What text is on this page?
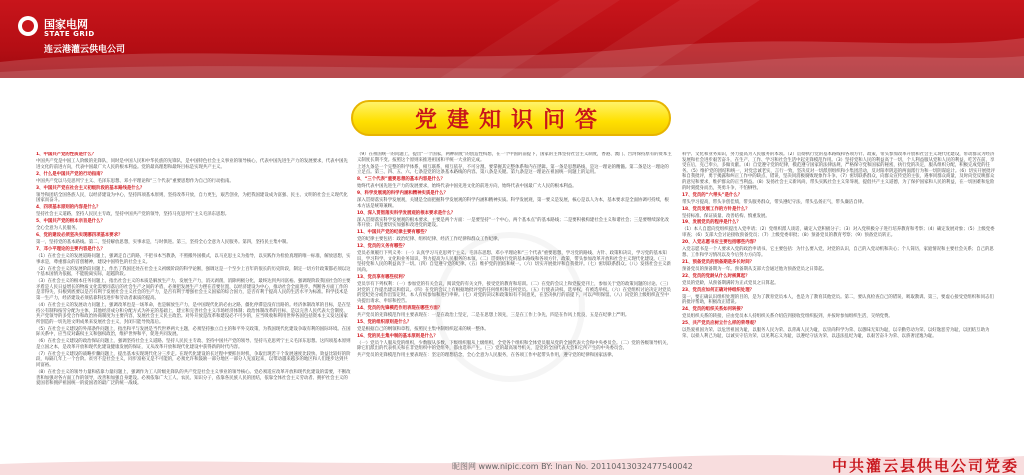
国家电网
STATE GRID
连云港灌云供电公司
党建知识问答

1、中国共产党的性质是什么？

中国共产党是中国工人阶级的先锋队，同时是中国人民和中华民族的先锋队，是中国特色社会主义事业的领导核心，代表中国先进生产力的发展要求，代表中国先进文化的前进方向，代表中国最广大人民的根本利益。党的最高理想和最终目标是实现共产主义。

2、什么是中国共产党的行动指南？

中国共产党以马克思列宁主义、毛泽东思想、邓小平理论和“三个代表”重要思想作为自己的行动指南。

3、中国共产党在社会主义初级阶段的基本路线是什么？

领导和团结全国各族人民，以经济建设为中心，坚持四项基本原则，坚持改革开放，自力更生，艰苦创业，为把我国建设成为富强、民主、文明的社会主义现代化国家而奋斗。

4、四项基本原则的内容是什么？

坚持社会主义道路，坚持人民民主专政，坚持中国共产党的领导，坚持马克思列宁主义毛泽东思想。

5、中国共产党的根本宗旨是什么？

全心全意为人民服务。

6、党的建设必须坚决实现哪四项基本要求？

第一，坚持党的基本路线。第二，坚持解放思想，实事求是，与时俱进。第三，坚持全心全意为人民服务。第四，坚持民主集中制。

7、邓小平理论的主要内容是什么？

（1）在社会主义的发展道路问题上，强调走自己的路，不把书本当教条，不照搬外国模式，以马克思主义为指导，以实践作为检验真理的唯一标准，解放思想，实事求是，尊重群众的首创精神，建设中国特色的社会主义。

（2）在社会主义的发展阶段问题上，作出了我国还处在社会主义初级阶段的科学论断，强调这是一个至少上百年的很长的历史阶段，制定一切方针政策都必须以这个基本国情为依据，不能脱离实际，超越阶段。

（3）在社会主义的根本任务问题上，指出社会主义的本质是解放生产力，发展生产力，消灭剥削，消除两极分化，最终达到共同富裕。强调现阶段我国社会的主要矛盾是人民日益增长的物质文化需要同落后的社会生产之间的矛盾，必须把发展生产力摆在首要位置，以经济建设为中心，推动社会全面进步。判断各方面工作的是非得失，归根到底要以是否有利于发展社会主义社会的生产力，是否有利于增强社会主义国家的综合国力，是否有利于提高人民的生活水平为标准。科学技术是第一生产力，经济建设必须依靠科技进步和劳动者素质的提高。

（4）在社会主义的发展动力问题上，强调改革也是一场革命，也是解放生产力，是中国现代化的必由之路，僵化停滞是没有出路的。经济体制改革的目标，是在坚持公有制和按劳分配为主体，其他经济成分和分配方式为补充的基础上，建立和完善社会主义市场经济体制；政治体制改革的目标，是以完善人民代表大会制度、共产党领导的多党合作和政治协商制度为主要内容，发展社会主义民主政治。对外开放是改革和建设必不可少的，应当吸收和利用世界各国包括资本主义发达国家所创造的一切先进文明成果来发展社会主义，封闭只能导致落后。

（5）在社会主义建设的外部条件问题上，指出和平与发展是当代世界两大主题，必须坚持独立自主的和平外交政策，为我国现代化建设争取有利的国际环境。在国际关系中，应当反对霸权主义和强权政治，维护世界和平，促进共同发展。

（6）在社会主义建设的政治保证问题上，强调坚持社会主义道路、坚持人民民主专政、坚持中国共产党的领导、坚持马克思列宁主义毛泽东思想。这四项基本原则是立国之本，是改革开放和现代化建设健康发展的保证，又从改革开放和现代化建设中获得新的时代内容。

（7）在社会主义建设的战略步骤问题上，提出基本实现现代化分三步走。在现代化建设的长过程中要抓住时机，争取出现若干个发展速度比较快、效益比较好的阶段，每隔几年上一个台阶。贫穷不是社会主义，同步富裕又是不可能的，必须允许和鼓励一部分地区一部分人先富起来，以带动越来越多的地区和人们逐步达到共同富裕。

（8）在社会主义的领导力量和依靠力量问题上，强调作为工人阶级先锋队的共产党是社会主义事业的领导核心。党必须适应改革开放和现代化建设的需要，不断改善和加强对各方面工作的领导，改善和加强自身建设。必须依靠广大工人、农民、知识分子，依靠各民族人民的团结，依靠全体社会主义劳动者、拥护社会主义的爱国者和拥护祖国统一的爱国者的最广泛的统一战线。

（9）在祖国统一的问题上，提出“一个国家，两种制度”的创造性构想，在一个中国的前提下，国家的主体坚持社会主义制度，香港、澳门、台湾保持原有的资本主义制度长期不变。按照这个原则来推进祖国和平统一大业的完成。

上述九条是一个完整的科学体系，相互联系，相互依存，不可分割。要掌握其完整体系和内在逻辑。第一条是思想路线，是这一理论的精髓。第二条是这一理论的立足点。第三、四、五、六、七条是党的这条基本路线的内容。第八条是关键。第九条是这一理论在祖国统一问题上的运用。

8、“三个代表”重要思想的基本内容是什么？

始终代表中国先进生产力的发展要求，始终代表中国先进文化的前进方向，始终代表中国最广大人民的根本利益。

9、科学发展观的科学内涵和精神实质是什么？

深入贯彻落实科学发展观，关键是全面把握科学发展观的科学内涵和精神实质。科学发展观，第一要义是发展，核心是以人为本，基本要求是全面协调可持续，根本方法是统筹兼顾。

10、深入贯彻落实科学发展观的根本要求是什么？

深入贯彻落实科学发展观的根本要求，主要是两个方面：一是要坚持“一个中心，两个基本点”的基本路线；二是要积极构建社会主义和谐社会；三是要继续深化改革开放；四是要切实加强和改进党的建设。

11、中国共产党的纪律主要有哪些？

党的纪律主要包括：政治纪律、组织纪律、经济工作纪律和群众工作纪律。

12、党员的义务有哪些？

党员必须履行下列义务：（一）认真学习马克思列宁主义、毛泽东思想、邓小平理论和“三个代表”重要思想，学习党的路线、方针、政策和决议，学习党的基本知识，学习科学、文化和业务知识，努力提高为人民服务的本领。（二）贯彻执行党的基本路线和各项方针、政策，带头参加改革开放和社会主义现代化建设。（三）坚持党和人民的利益高于一切。（四）自觉遵守党的纪律。（五）维护党的团结和统一。（六）切实开展批评和自我批评。（七）密切联系群众。（八）发扬社会主义新风尚。

13、党员享有哪些权利？

党员享有下列权利：（一）参加党的有关会议，阅读党的有关文件，接受党的教育和培训。（二）在党的会议上和党报党刊上，参加关于党的政策问题的讨论。（三）对党的工作提出建议和倡议。（四）在党的会议上有根据地批评党的任何组织和任何党员。（五）行使表决权、选举权，有被选举权。（六）在党组织讨论决定对党员的党纪处分或作出鉴定时，本人有权参加和进行申辩。（七）对党的决议和政策如有不同意见，在坚决执行的前提下，可以声明保留。（八）向党的上级组织直至中央提出请求、申诉和控告。

14、党员的先锋模范作用表现在哪些方面？

共产党员的先锋模范作用主要表现在：一是在政治上坚定，二是在思想上领先，三是在工作上争先，四是在作风上优良，五是在纪律上严明。

15、党的组织原则是什么？

党是根据自己的纲领和章程，按照民主集中制组织起来的统一整体。

16、党的民主集中制的基本原则是什么？

（一）党员个人服从党的组织，少数服从多数，下级组织服从上级组织，全党各个组织和全体党员服从党的全国代表大会和中央委员会。（二）党的各级领导机关，除它们派出的代表机关和在非党组织中的党组外，都由选举产生。（三）党的最高领导机关，是党的全国代表大会和它所产生的中央委员会。

共产党员的先锋模范作用主要表现在：坚定的理想信念，全心全意为人民服务，在各项工作中起带头作用，遵守党的纪律和国家法律。

科学、文化和业务知识，努力提高为人民服务的本领。（2）贯彻执行党的基本路线和各项方针、政策，带头参加改革开放和社会主义现代化建设，带动群众为经济发展和社会进步艰苦奋斗，在生产、工作、学习和社会生活中起先锋模范作用。（3）坚持党和人民的利益高于一切，个人利益服从党和人民的利益，吃苦在前，享受在后，克己奉公，多做贡献。（4）自觉遵守党的纪律，模范遵守国家的法律法规，严格保守党和国家的秘密，执行党的决定，服从组织分配，积极完成党的任务。（5）维护党的团结和统一，对党忠诚老实，言行一致，坚决反对一切派别组织和小集团活动，反对阳奉阴违的两面派行为和一切阴谋诡计。（6）切实开展批评和自我批评，勇于揭露和纠正工作中的缺点、错误，坚决同消极腐败现象作斗争。（7）密切联系群众，向群众宣传党的主张，遇事同群众商量，及时向党反映群众的意见和要求，维护群众的正当利益。（8）发扬社会主义新风尚，带头实践社会主义荣辱观，提倡共产主义道德，为了保护国家和人民的利益，在一切困难和危险的时刻挺身而出，英勇斗争，不怕牺牲。

17、党员的“六带头”是什么？

带头学习提高，带头争创佳绩，带头服务群众，带头遵纪守法，带头弘扬正气，带头廉洁自律。

18、党员发展工作的方针是什么？

坚持标准、保证质量、改善结构、慎重发展。

19、发展党员的程序是什么？

（1）本人自愿向党组织提出入党申请；（2）党组织派人谈话，确定入党积极分子；（3）对入党积极分子进行培养教育和考察；（4）确定发展对象；（5）上级党委审查；（6）支部大会讨论接收预备党员；（7）上级党委审批；（8）预备党员的教育考察；（9）预备党员转正。

20、入党志愿书应主要包括哪些内容？

入党志愿书是一个人要求入党的政治申请书。它主要包括：为什么要入党，对党的认识，自己的入党动机和决心；个人简历，家庭情况和主要社会关系；自己的思想、工作和学习情况以及今后努力方向等。

21、预备党员的预备期是多长时间？

预备党员的预备期为一年。预备期从支部大会通过他为预备党员之日算起。

22、党员的党龄从什么时候算起？

党员的党龄，从预备期满转为正式党员之日算起。

23、党员应如何正确对待组织处理？

第一，要正确认识组织处理的目的，是为了教育党员本人，也是为了教育其他党员。第二，要认真检查自己的错误，吸取教训。第三，要虚心接受党组织和同志们的批评帮助，积极改正错误。

24、党员的组织关系如何转接？

党员组织关系的转接，应由党员本人持组织关系介绍信到接收党组织报到，并按时参加组织生活，交纳党费。

25、共产党员应树立什么样的荣辱观？

以热爱祖国为荣、以危害祖国为耻，以服务人民为荣、以背离人民为耻，以崇尚科学为荣、以愚昧无知为耻，以辛勤劳动为荣、以好逸恶劳为耻，以团结互助为荣、以损人利己为耻，以诚实守信为荣、以见利忘义为耻，以遵纪守法为荣、以违法乱纪为耻，以艰苦奋斗为荣、以骄奢淫逸为耻。

昵图网 www.nipic.com BY: lnan No. 20110413032477540042	中共灌云县供电公司党委
